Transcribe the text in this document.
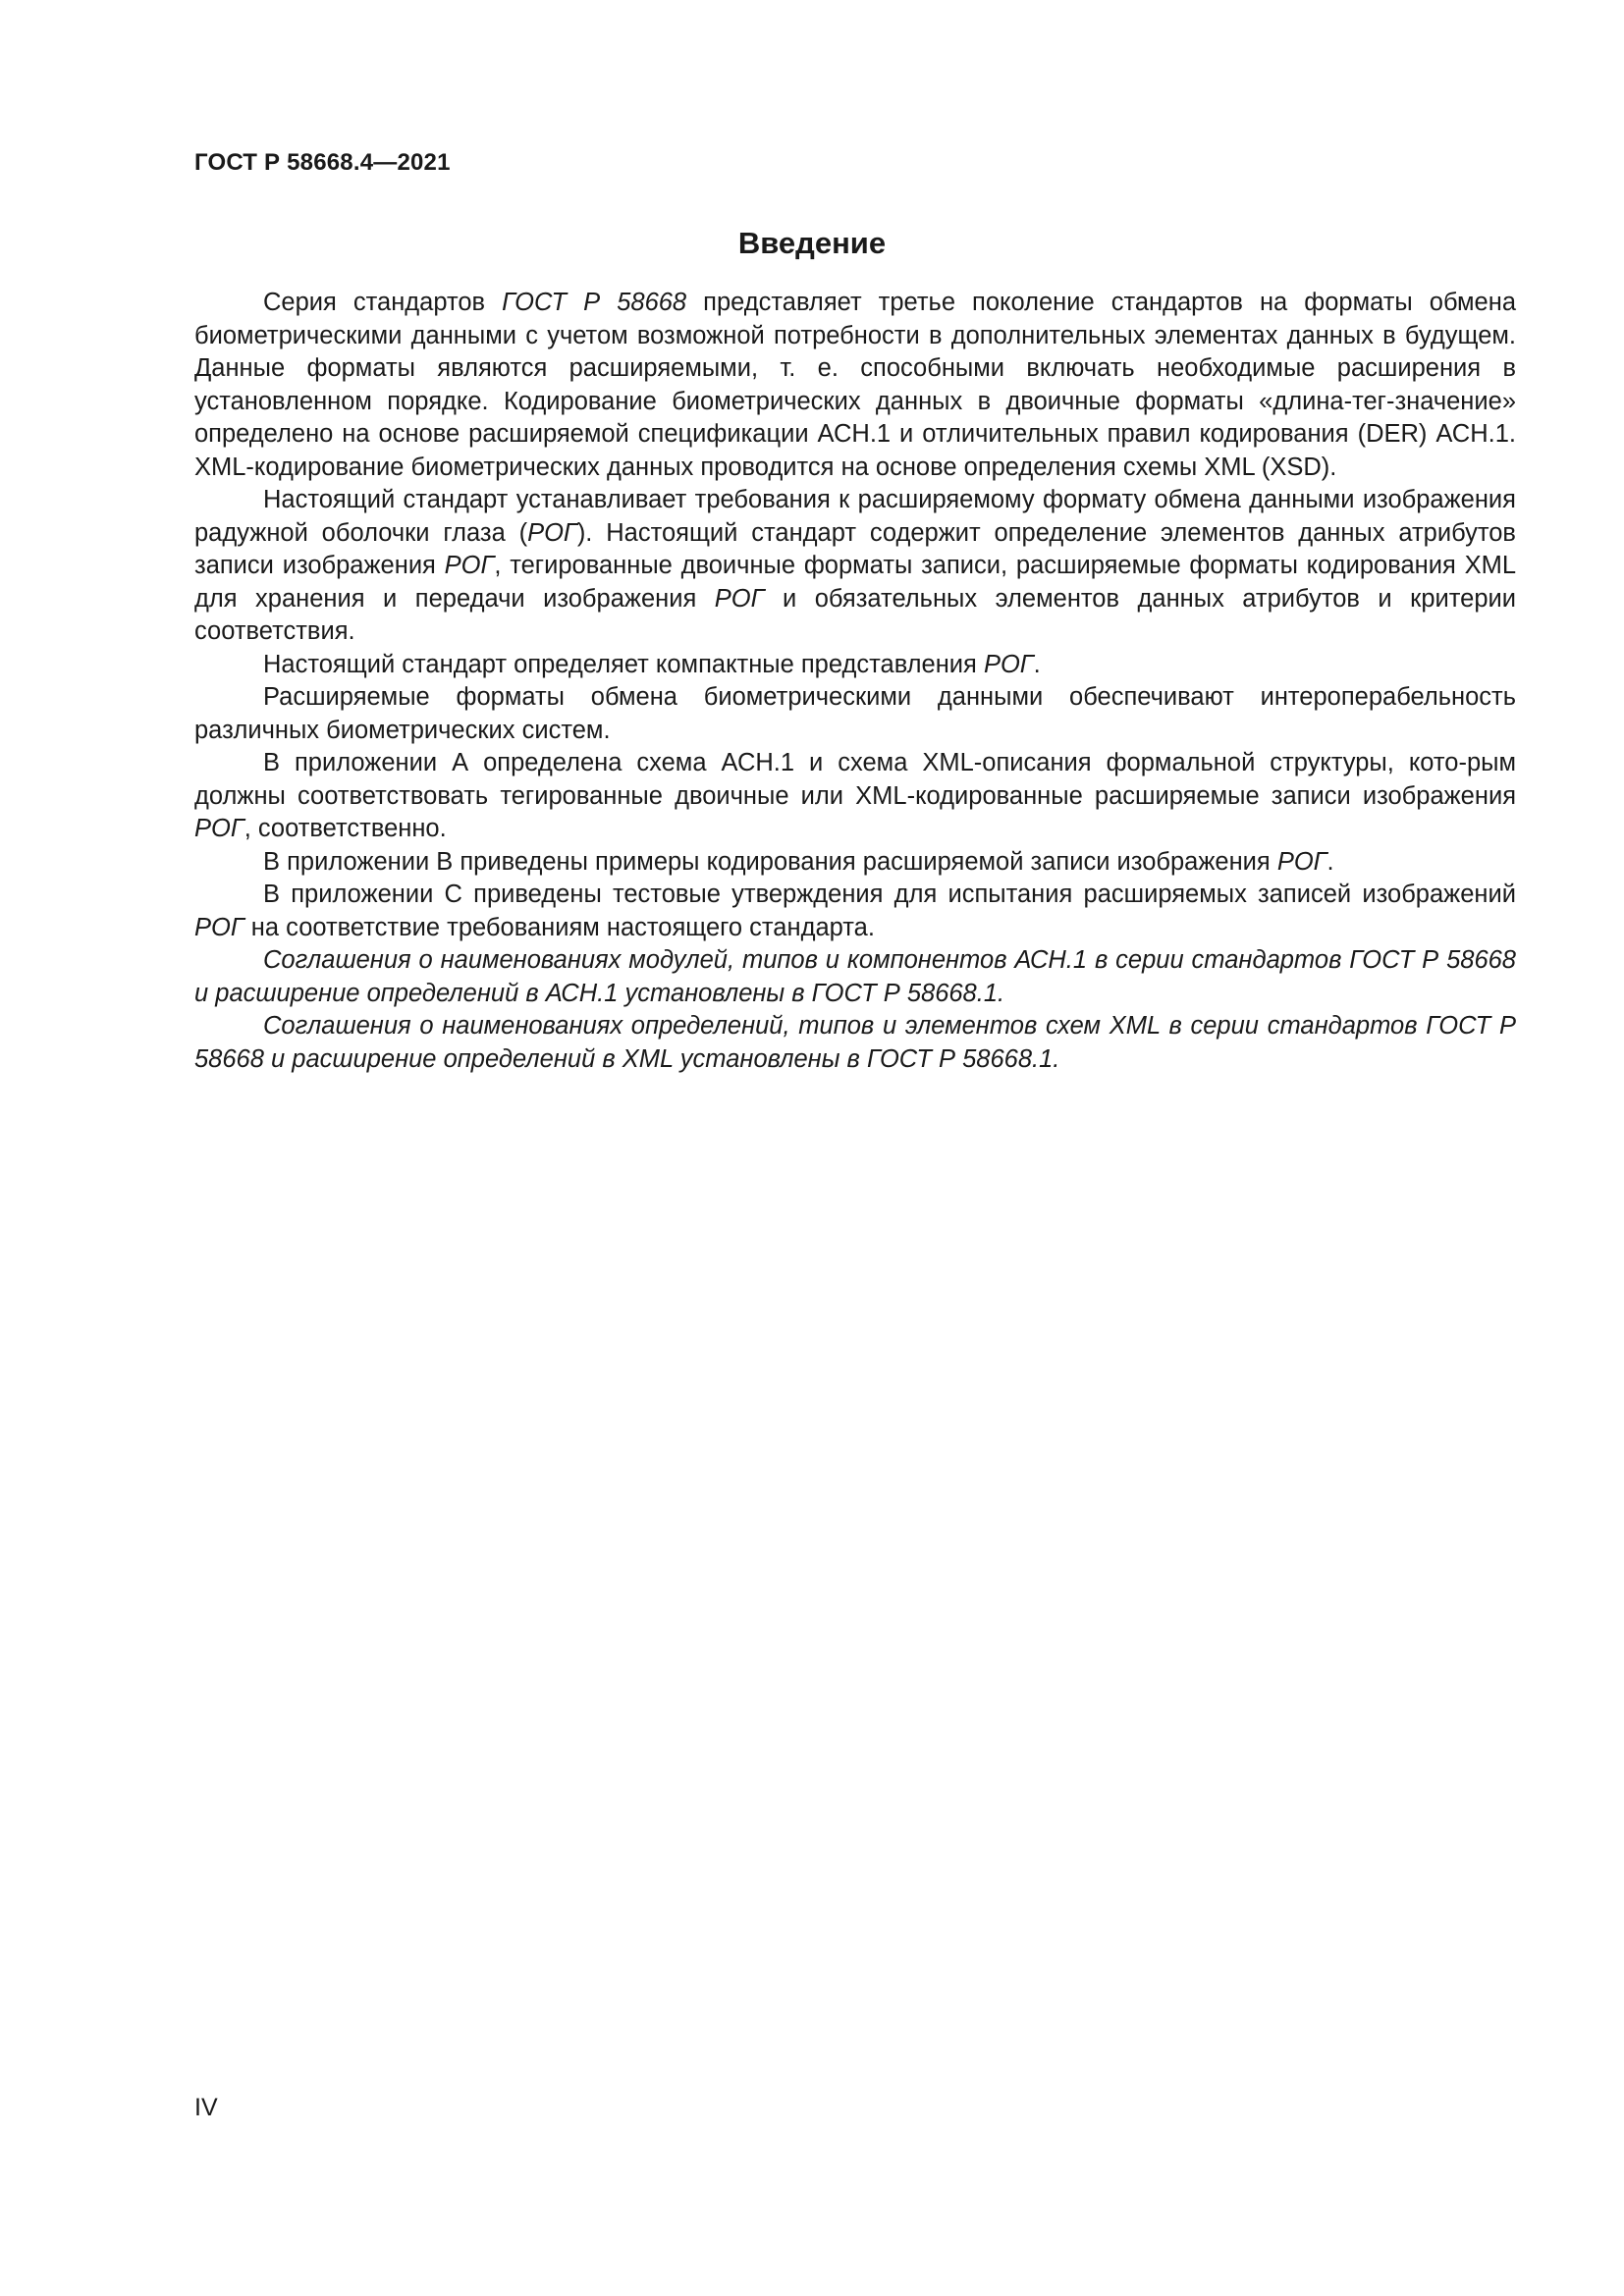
ГОСТ Р 58668.4—2021
Введение

Серия стандартов ГОСТ Р 58668 представляет третье поколение стандартов на форматы обмена биометрическими данными с учетом возможной потребности в дополнительных элементах данных в будущем. Данные форматы являются расширяемыми, т. е. способными включать необходимые расширения в установленном порядке. Кодирование биометрических данных в двоичные форматы «длина-тег-значение» определено на основе расширяемой спецификации АСН.1 и отличительных правил кодирования (DER) АСН.1. XML-кодирование биометрических данных проводится на основе определения схемы XML (XSD).

Настоящий стандарт устанавливает требования к расширяемому формату обмена данными изображения радужной оболочки глаза (РОГ). Настоящий стандарт содержит определение элементов данных атрибутов записи изображения РОГ, тегированные двоичные форматы записи, расширяемые форматы кодирования XML для хранения и передачи изображения РОГ и обязательных элементов данных атрибутов и критерии соответствия.

Настоящий стандарт определяет компактные представления РОГ.

Расширяемые форматы обмена биометрическими данными обеспечивают интероперабельность различных биометрических систем.

В приложении А определена схема АСН.1 и схема XML-описания формальной структуры, кото-рым должны соответствовать тегированные двоичные или XML-кодированные расширяемые записи изображения РОГ, соответственно.

В приложении В приведены примеры кодирования расширяемой записи изображения РОГ.

В приложении С приведены тестовые утверждения для испытания расширяемых записей изображений РОГ на соответствие требованиям настоящего стандарта.

Соглашения о наименованиях модулей, типов и компонентов АСН.1 в серии стандартов ГОСТ Р 58668 и расширение определений в АСН.1 установлены в ГОСТ Р 58668.1.

Соглашения о наименованиях определений, типов и элементов схем XML в серии стандартов ГОСТ Р 58668 и расширение определений в XML установлены в ГОСТ Р 58668.1.

IV
